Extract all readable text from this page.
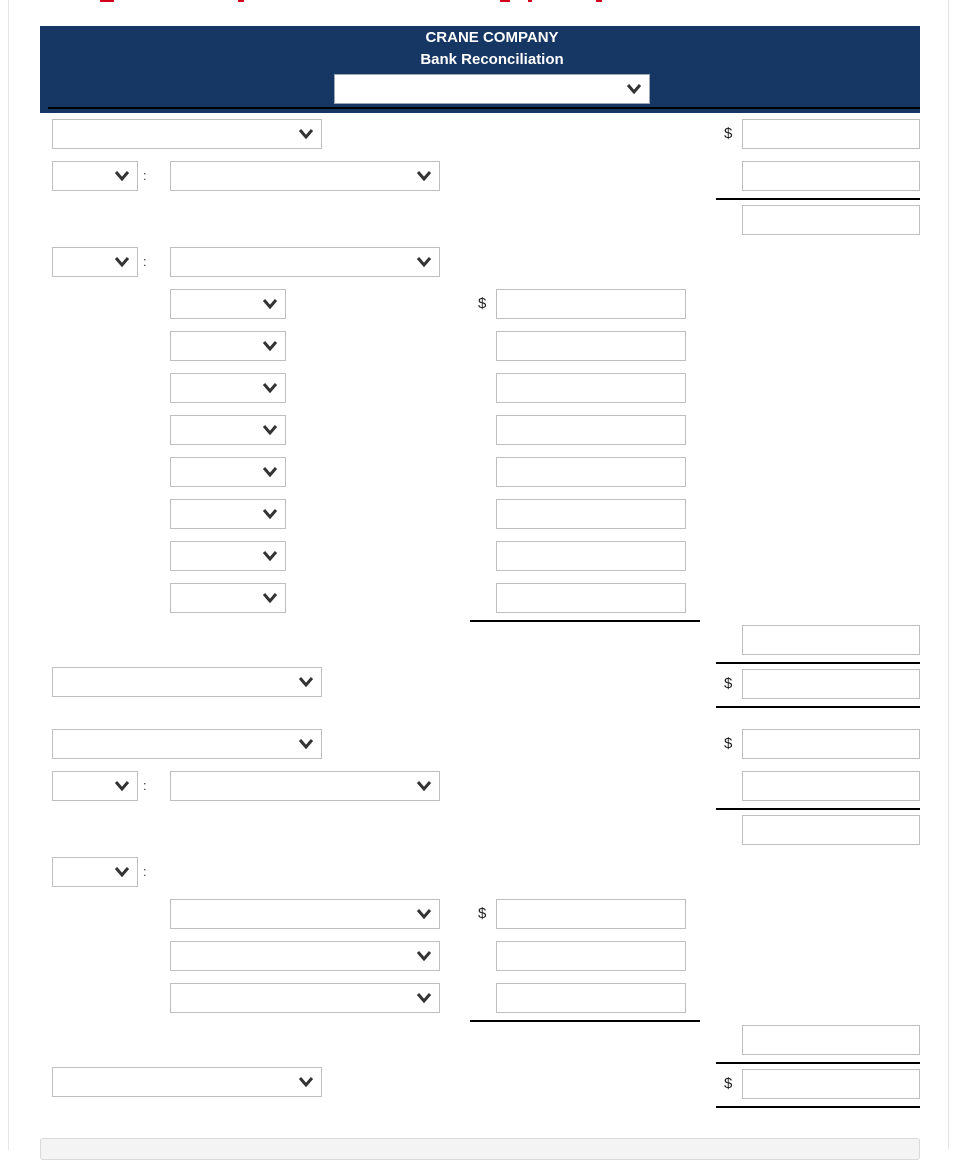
CRANE COMPANY
Bank Reconciliation
$
:
:
$
$
$
:
:
$
$
